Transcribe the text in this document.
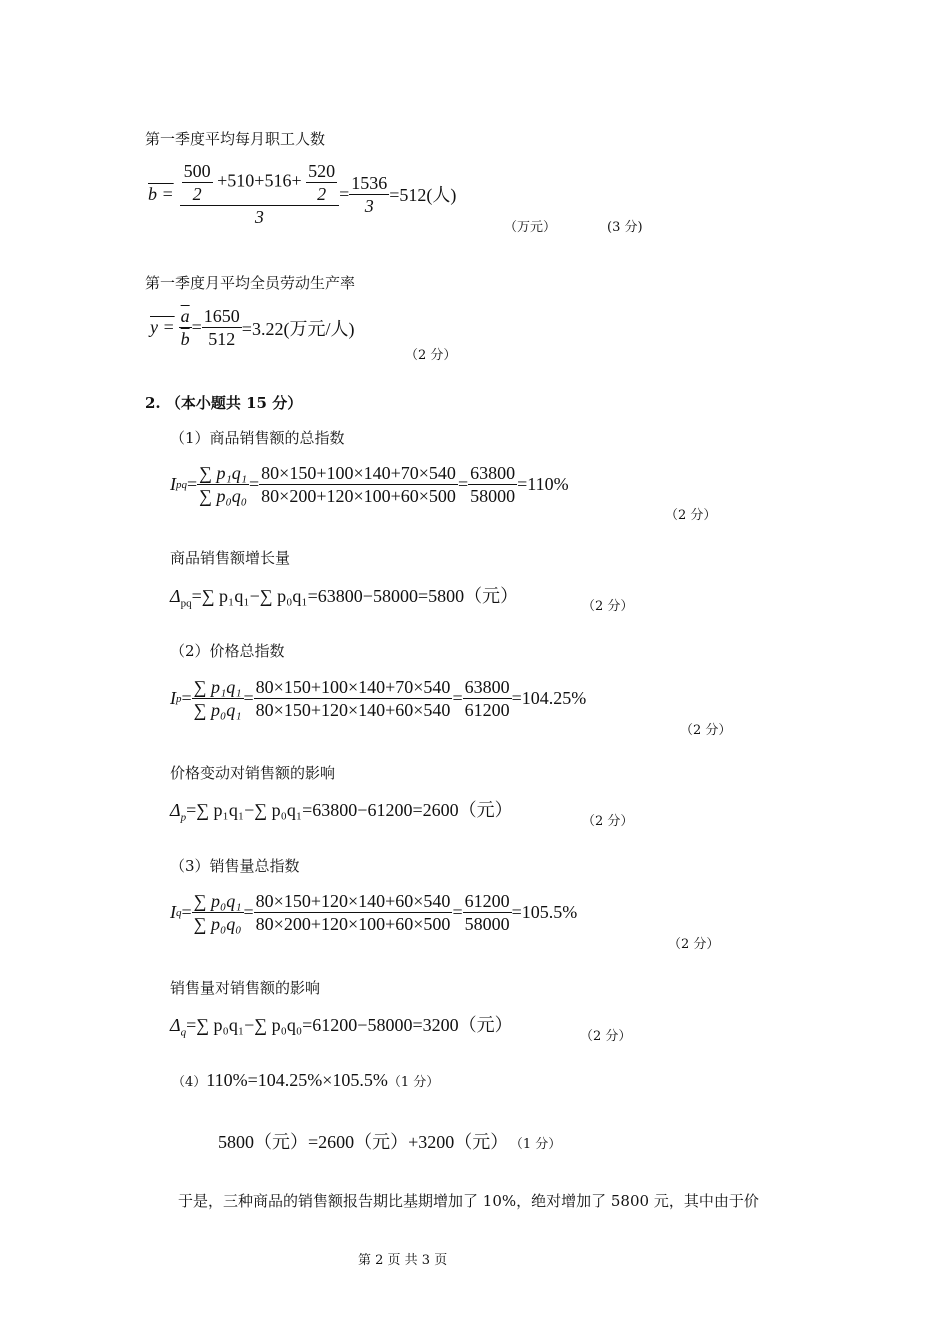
第一季度平均每月职工人数
$b = \frac{500}{2} +510+516+ \frac{520}{2}$
3
= $\frac{1536}{3} =512$(人)
（万元）	(3 分)
第一季度月平均全员劳动生产率
$y = \frac{\overline{a}}{b} = \frac{1650}{512} =3.22$(万元/人)
（2 分）
2. （本小题共 15 分）
（1）商品销售额的总指数
I pq = $\frac{\text{∑ p₁q₁}}{\text{∑ p₀q₀}} = \frac{80\times 150+100\times 140+70\times 540}{80\times 200+120\times 100+60\times 500} = \frac{63800}{58000} =110\%$
（2 分）
商品销售额增长量
$\Delta_{pq}=\sum$ p₁q₁−∑ p₀q₁=63800−58000=5800（元）
（2 分）
（2）价格总指数
I $p = \frac{\text{∑ p₁q₁}}{\text{∑ p₀q₁}} = \frac{80\times 150+100\times 140+70\times 540}{80\times 150+120\times 140+60\times 540} = \frac{63800}{61200} =104.25\%$
（2 分）
价格变动对销售额的影响
$\Delta_p=\sum$ p₁q₁−∑ p₀q₁=63800−61200=2600（元）
（2 分）
（3）销售量总指数
I $q = \frac{\text{∑ p₀q₁}}{\text{∑ p₀q₀}} = \frac{80\times 150+120\times 140+60\times 540}{80\times 200+120\times 100+60\times 500} = \frac{61200}{58000} =105.5\%$
（2 分）
销售量对销售额的影响
$\Delta_q=\sum$ p₀q₁−∑ p₀q₀=61200−58000=3200（元）
（2 分）
（4）110%=104.25%×105.5%（1 分）
5800（元）=2600（元）+3200（元） （1 分）
于是，三种商品的销售额报告期比基期增加了 10%，绝对增加了 5800 元，其中由于价
第 2 页 共 3 页
